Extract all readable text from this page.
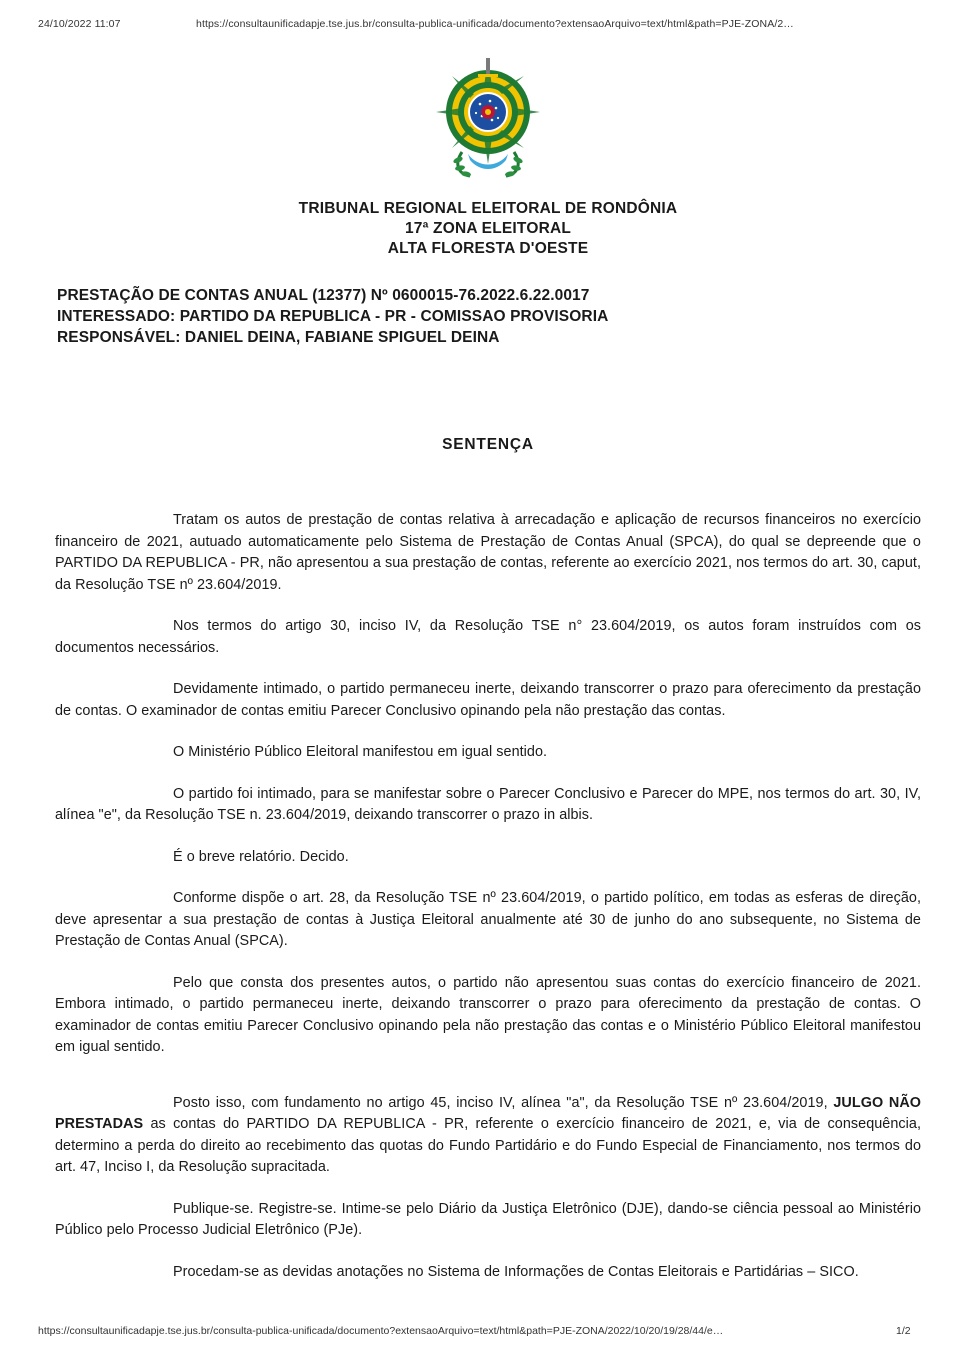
24/10/2022 11:07	https://consultaunificadapje.tse.jus.br/consulta-publica-unificada/documento?extensaoArquivo=text/html&path=PJE-ZONA/2…
TRIBUNAL REGIONAL ELEITORAL DE RONDÔNIA
17ª ZONA ELEITORAL
ALTA FLORESTA D'OESTE
PRESTAÇÃO DE CONTAS ANUAL (12377) Nº 0600015-76.2022.6.22.0017
INTERESSADO: PARTIDO DA REPUBLICA - PR - COMISSAO PROVISORIA
RESPONSÁVEL: DANIEL DEINA, FABIANE SPIGUEL DEINA
SENTENÇA

Tratam os autos de prestação de contas relativa à arrecadação e aplicação de recursos financeiros no exercício financeiro de 2021, autuado automaticamente pelo Sistema de Prestação de Contas Anual (SPCA), do qual se depreende que o PARTIDO DA REPUBLICA - PR, não apresentou a sua prestação de contas, referente ao exercício 2021, nos termos do art. 30, caput, da Resolução TSE nº 23.604/2019.

Nos termos do artigo 30, inciso IV, da Resolução TSE n° 23.604/2019, os autos foram instruídos com os documentos necessários.

Devidamente intimado, o partido permaneceu inerte, deixando transcorrer o prazo para oferecimento da prestação de contas. O examinador de contas emitiu Parecer Conclusivo opinando pela não prestação das contas.

O Ministério Público Eleitoral manifestou em igual sentido.

O partido foi intimado, para se manifestar sobre o Parecer Conclusivo e Parecer do MPE, nos termos do art. 30, IV, alínea "e", da Resolução TSE n. 23.604/2019, deixando transcorrer o prazo in albis.

É o breve relatório. Decido.

Conforme dispõe o art. 28, da Resolução TSE nº 23.604/2019, o partido político, em todas as esferas de direção, deve apresentar a sua prestação de contas à Justiça Eleitoral anualmente até 30 de junho do ano subsequente, no Sistema de Prestação de Contas Anual (SPCA).

Pelo que consta dos presentes autos, o partido não apresentou suas contas do exercício financeiro de 2021. Embora intimado, o partido permaneceu inerte, deixando transcorrer o prazo para oferecimento da prestação de contas. O examinador de contas emitiu Parecer Conclusivo opinando pela não prestação das contas e o Ministério Público Eleitoral manifestou em igual sentido.

Posto isso, com fundamento no artigo 45, inciso IV, alínea "a", da Resolução TSE nº 23.604/2019, JULGO NÃO PRESTADAS as contas do PARTIDO DA REPUBLICA - PR, referente o exercício financeiro de 2021, e, via de consequência, determino a perda do direito ao recebimento das quotas do Fundo Partidário e do Fundo Especial de Financiamento, nos termos do art. 47, Inciso I, da Resolução supracitada.

Publique-se. Registre-se. Intime-se pelo Diário da Justiça Eletrônico (DJE), dando-se ciência pessoal ao Ministério Público pelo Processo Judicial Eletrônico (PJe).

Procedam-se as devidas anotações no Sistema de Informações de Contas Eleitorais e Partidárias – SICO.

https://consultaunificadapje.tse.jus.br/consulta-publica-unificada/documento?extensaoArquivo=text/html&path=PJE-ZONA/2022/10/20/19/28/44/e…	1/2
